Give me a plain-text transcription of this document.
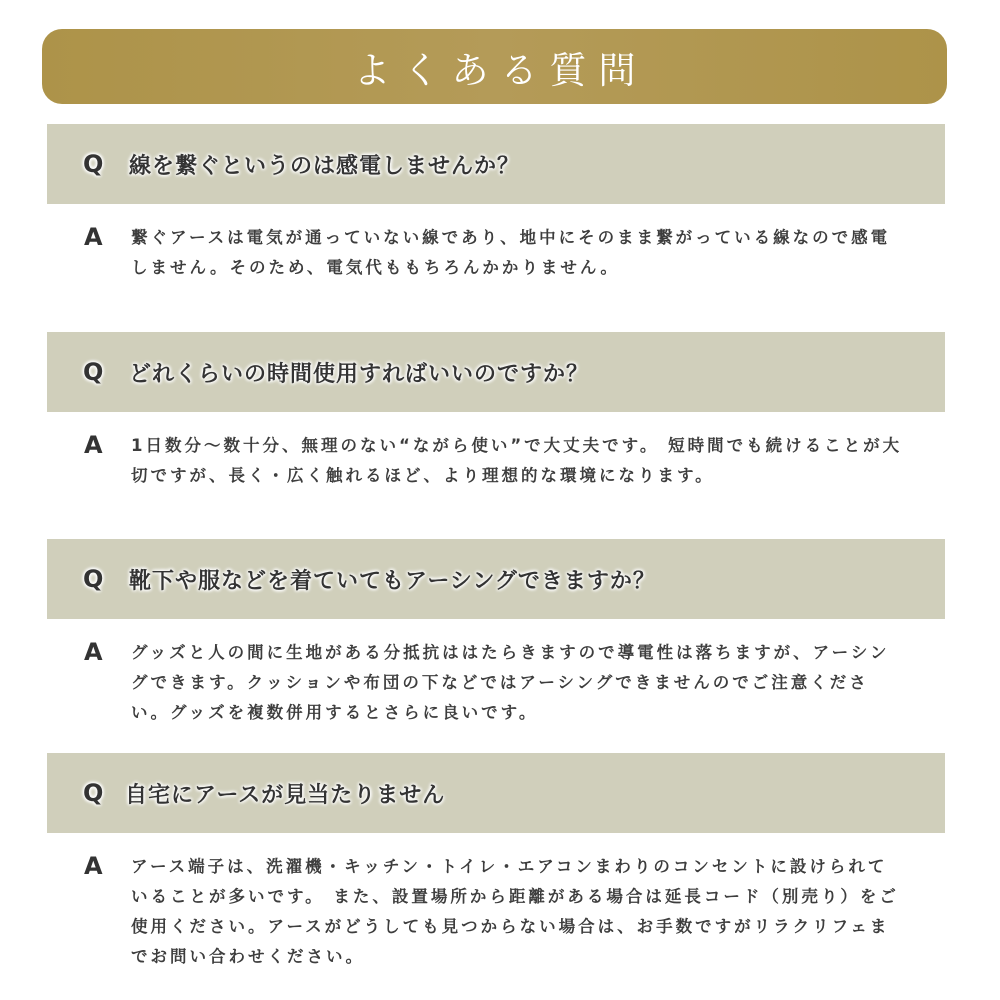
よくある質問
Q 線を繋ぐというのは感電しませんか？
A 繋ぐアースは電気が通っていない線であり、地中にそのまま繋がっている線なので感電しません。そのため、電気代ももちろんかかりません。
Q どれくらいの時間使用すればいいのですか？
A 1日数分～数十分、無理のない“ながら使い”で大丈夫です。 短時間でも続けることが大切ですが、長く・広く触れるほど、より理想的な環境になります。
Q 靴下や服などを着ていてもアーシングできますか？
A グッズと人の間に生地がある分抵抗ははたらきますので導電性は落ちますが、アーシングできます。クッションや布団の下などではアーシングできませんのでご注意ください。グッズを複数併用するとさらに良いです。
Q 自宅にアースが見当たりません
A アース端子は、洗濯機・キッチン・トイレ・エアコンまわりのコンセントに設けられていることが多いです。 また、設置場所から距離がある場合は延長コード（別売り）をご使用ください。アースがどうしても見つからない場合は、お手数ですがリラクリフェまでお問い合わせください。
